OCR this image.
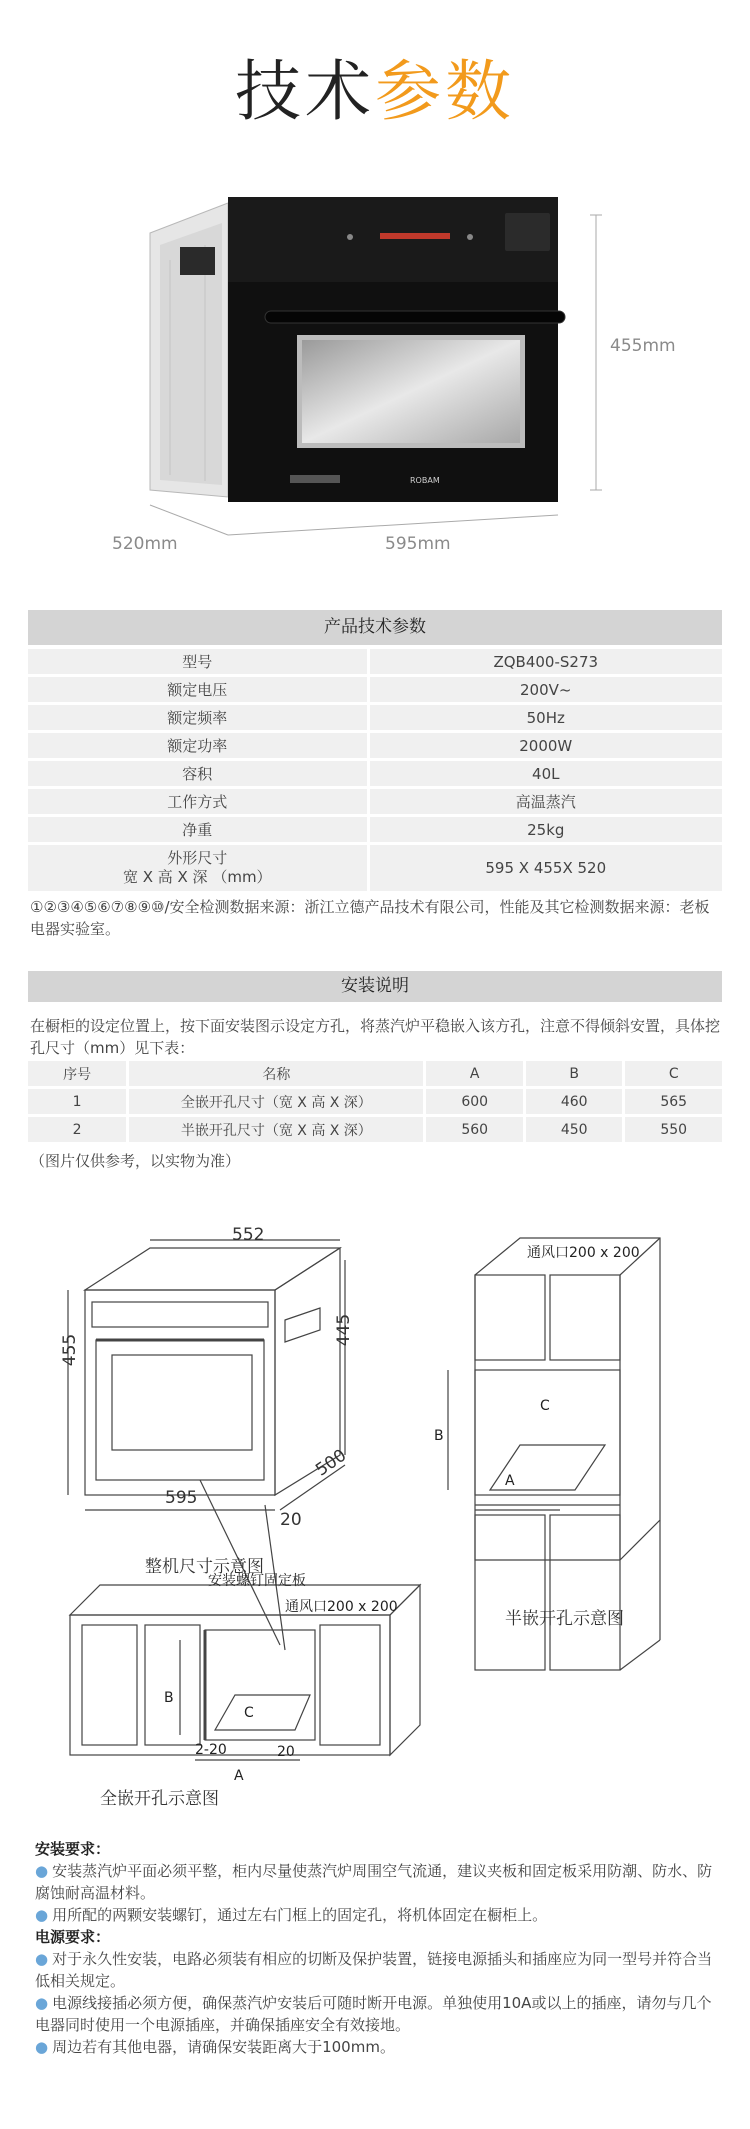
技术参数
ROBAM
455mm
520mm	595mm
产品技术参数
型号	ZQB400-S273
额定电压	200V~
额定频率	50Hz
额定功率	2000W
容积	40L
工作方式	高温蒸汽
净重	25kg
外形尺寸
宽 X 高 X 深 （mm）	595 X 455X 520
①②③④⑤⑥⑦⑧⑨⑩/安全检测数据来源：浙江立德产品技术有限公司，性能及其它检测数据来源：老板电器实验室。
安装说明
在橱柜的设定位置上，按下面安装图示设定方孔，将蒸汽炉平稳嵌入该方孔，注意不得倾斜安置，具体挖孔尺寸（mm）见下表：
序号	名称	A	B	C
1	全嵌开孔尺寸（宽 X 高 X 深）	600	460	565
2	半嵌开孔尺寸（宽 X 高 X 深）	560	450	550
（图片仅供参考，以实物为准）
552
455
445
500
595
20
整机尺寸示意图
通风口200 x 200
B
C
A
半嵌开孔示意图
安装螺钉固定板
通风口200 x 200
B
C
2-20	20
A
全嵌开孔示意图
安装要求：
● 安装蒸汽炉平面必须平整，柜内尽量使蒸汽炉周围空气流通，建议夹板和固定板采用防潮、防水、防腐蚀耐高温材料。
● 用所配的两颗安装螺钉，通过左右门框上的固定孔，将机体固定在橱柜上。
电源要求：
● 对于永久性安装，电路必须装有相应的切断及保护装置，链接电源插头和插座应为同一型号并符合当低相关规定。
● 电源线接插必须方便，确保蒸汽炉安装后可随时断开电源。单独使用10A或以上的插座，请勿与几个电器同时使用一个电源插座，并确保插座安全有效接地。
● 周边若有其他电器，请确保安装距离大于100mm。
